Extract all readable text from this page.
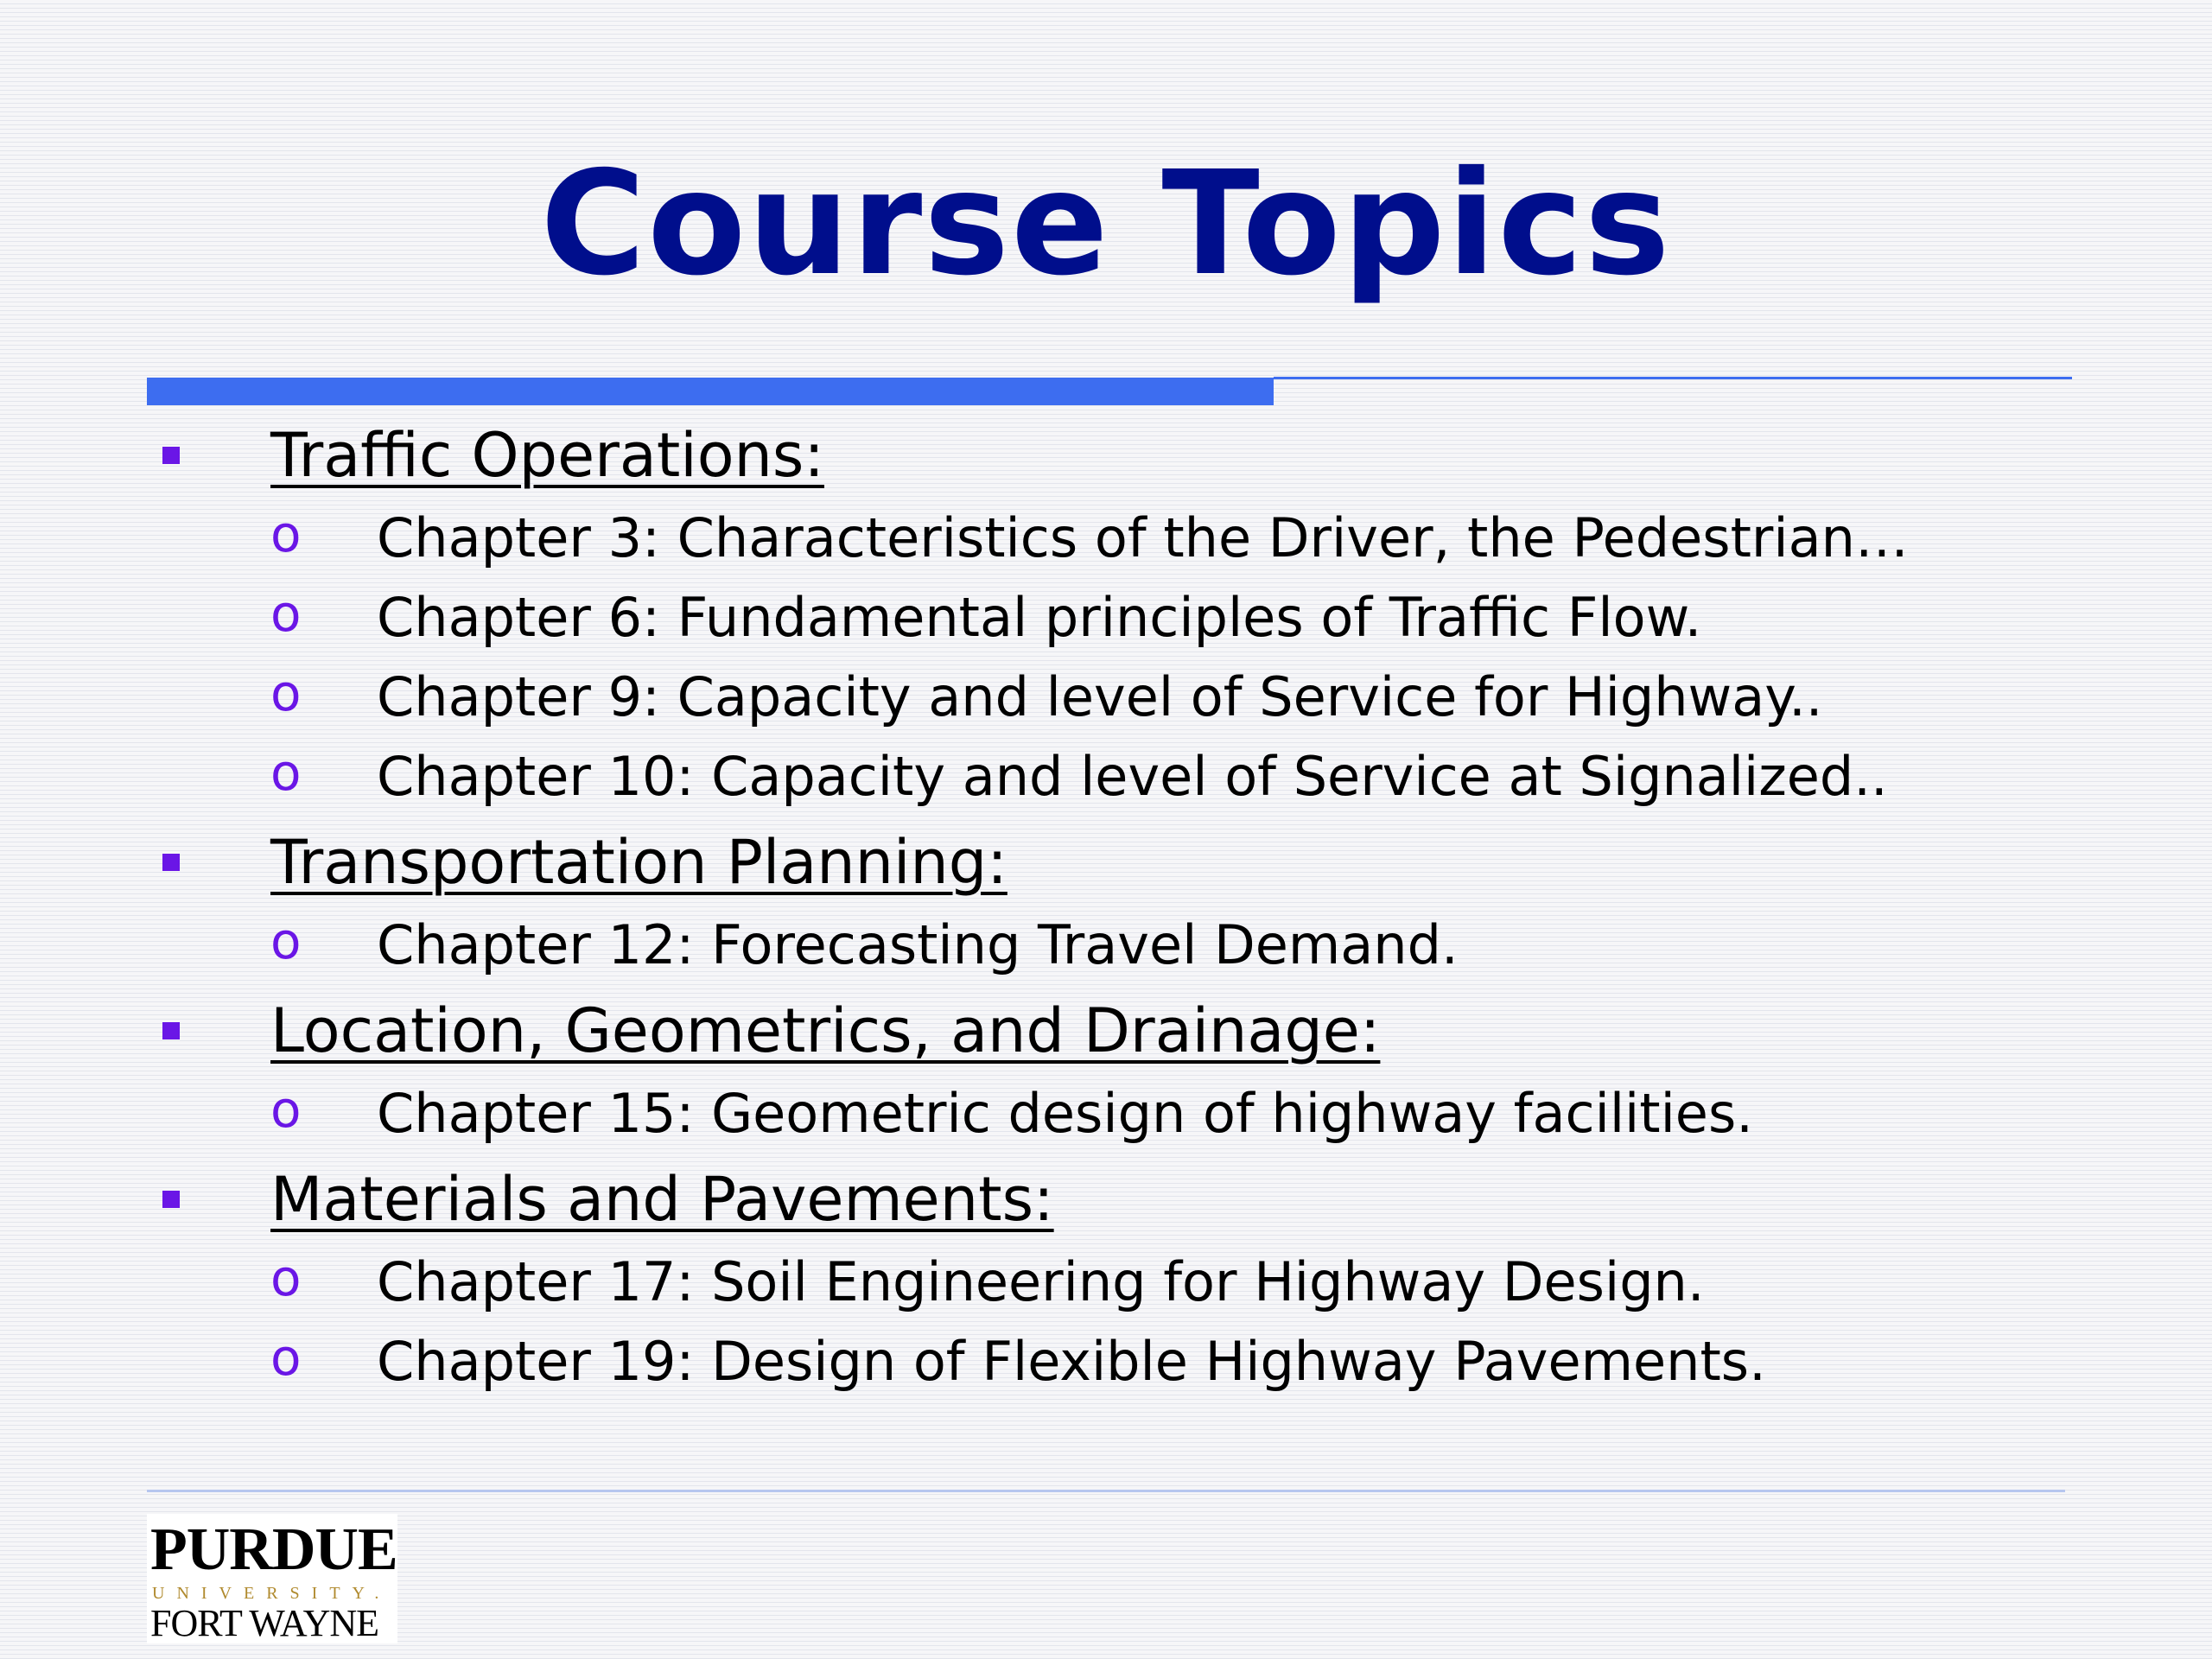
Course Topics
Traffic Operations:
o Chapter 3: Characteristics of the Driver, the Pedestrian…
o Chapter 6: Fundamental principles of Traffic Flow.
o Chapter 9: Capacity and level of Service for Highway..
o Chapter 10: Capacity and level of Service at Signalized..
Transportation Planning:
o Chapter 12: Forecasting Travel Demand.
Location, Geometrics, and Drainage:
o Chapter 15: Geometric design of highway facilities.
Materials and Pavements:
o Chapter 17: Soil Engineering for Highway Design.
o Chapter 19: Design of Flexible Highway Pavements.
PURDUE
UNIVERSITY.
FORT WAYNE
